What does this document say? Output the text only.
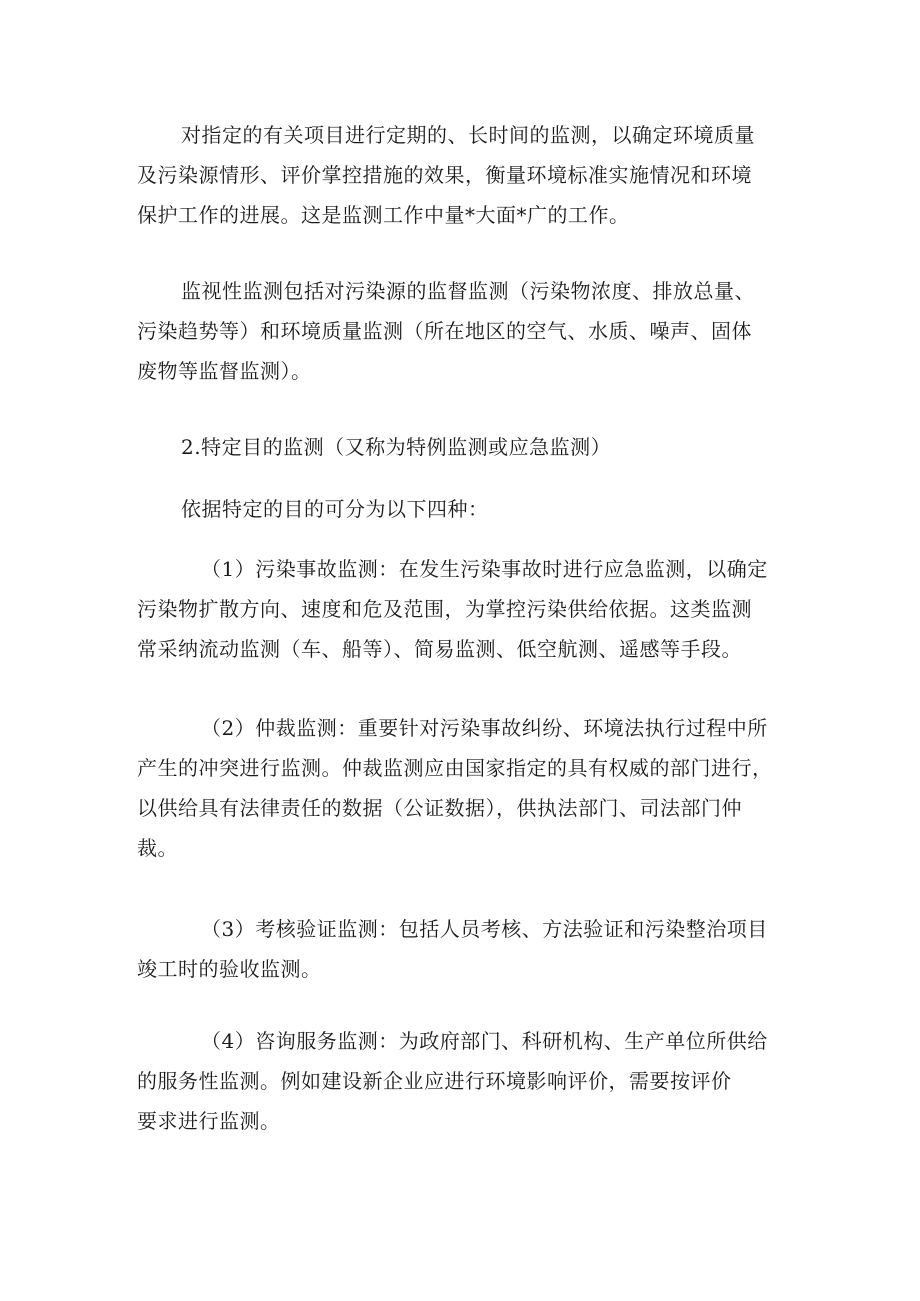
对指定的有关项目进行定期的、长时间的监测，以确定环境质量
及污染源情形、评价掌控措施的效果，衡量环境标准实施情况和环境
保护工作的进展。这是监测工作中量*大面*广的工作。
监视性监测包括对污染源的监督监测（污染物浓度、排放总量、
污染趋势等）和环境质量监测（所在地区的空气、水质、噪声、固体
废物等监督监测）。
2.特定目的监测（又称为特例监测或应急监测）
依据特定的目的可分为以下四种：
（1）污染事故监测：在发生污染事故时进行应急监测，以确定
污染物扩散方向、速度和危及范围，为掌控污染供给依据。这类监测
常采纳流动监测（车、船等）、简易监测、低空航测、遥感等手段。
（2）仲裁监测：重要针对污染事故纠纷、环境法执行过程中所
产生的冲突进行监测。仲裁监测应由国家指定的具有权威的部门进行，
以供给具有法律责任的数据（公证数据），供执法部门、司法部门仲
裁。
（3）考核验证监测：包括人员考核、方法验证和污染整治项目
竣工时的验收监测。
（4）咨询服务监测：为政府部门、科研机构、生产单位所供给
的服务性监测。例如建设新企业应进行环境影响评价，需要按评价
要求进行监测。
